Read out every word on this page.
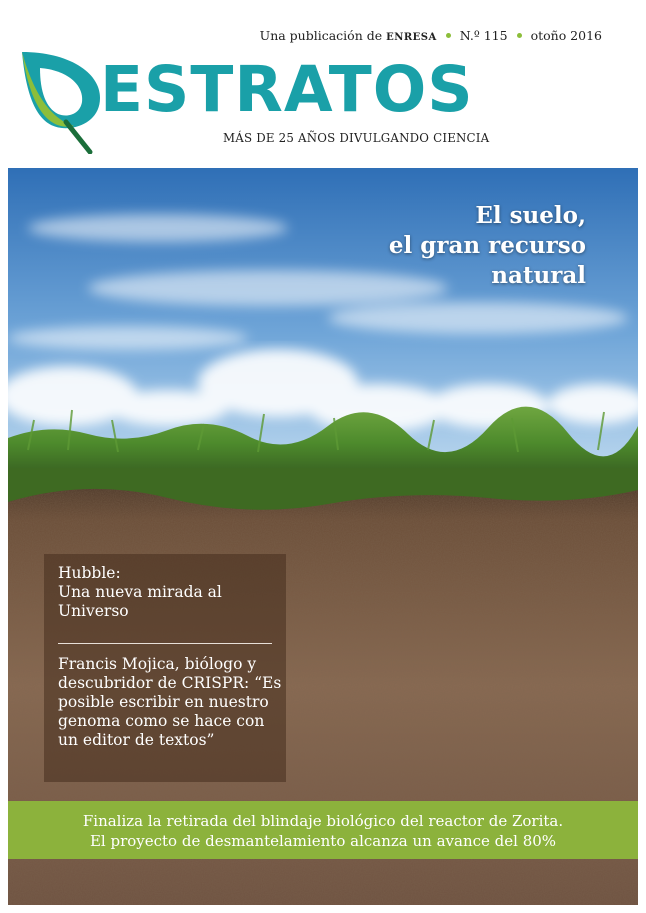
Una publicación de ENRESA N.º 115 otoño 2016
ESTRATOS
MÁS DE 25 AÑOS DIVULGANDO CIENCIA
El suelo,
el gran recurso
natural
Hubble:
Una nueva mirada al
Universo
Francis Mojica, biólogo y
descubridor de CRISPR: “Es
posible escribir en nuestro
genoma como se hace con
un editor de textos”
Finaliza la retirada del blindaje biológico del reactor de Zorita.
El proyecto de desmantelamiento alcanza un avance del 80%
